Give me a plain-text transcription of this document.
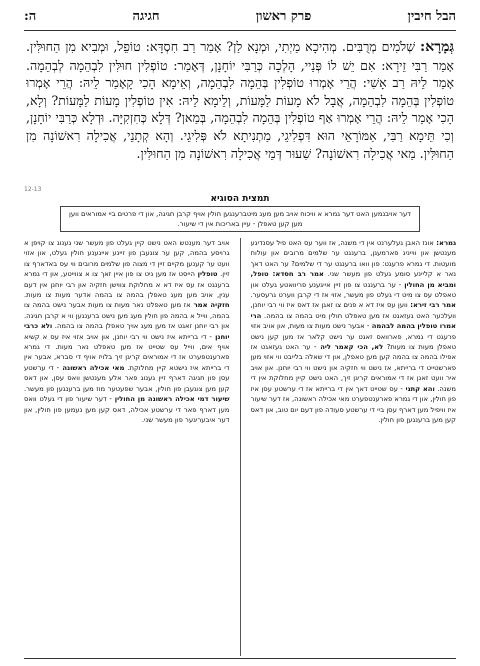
הבל חיבין
פרק ראשון
חגיגה
ה:
גְּמָרָא: שְׁלֹמִים מְרֻבִּים. מְהִיכָא מַיְתִי, וּמְנָא לַן? אָמַר רַב חִסְדָּא: טוֹפֵל, וּמְבִיא מִן הַחוּלִּין. אָמַר רַבִּי זֵירָא: אִם יֵשׁ לוֹ פְּנַיי, הָלְכָה כְּרַבִּי יוֹחָנָן, דְּאָמַר: טוֹפְלִין חוּלִּין לִבְהֵמָה לְבְהֵמָה. אָמַר לֵיהּ רַב אָשִׁי: הֲרֵי אָמְרוּ טוֹפְלִין בְּהֵמָה לִבְהֵמָה, וְאֵימָא הָכִי קָאָמַר לֵיהּ: הֲרֵי אָמְרוּ טוֹפְלִין בְּהֵמָה לִבְהֵמָה, אֲבָל לֹא מָעוֹת לַמָּעוֹת, וְלֵימָא לֵיהּ: אִין טוֹפְלִין מָעוֹת לַמָּעוֹת? וְלָא, הָכִי אָמַר לֵיהּ: הֲרֵי אָמְרוּ אַף טוֹפְלִין בְּהֵמָה לִבְהֵמָה, בְּמַאן? דְּלָא כְּחִזְקִיָּה. וּדְלָא כְּרַבִּי יוֹחָנָן, וְכִי תֵּימָא רַבִּי, אַמּוֹרָאֵי הוּא דִּפְלִיגֵי, מַתְנִיתָא לֹא פְּלִיגֵי. וְהָא קְתָנֵי, אֲכִילָה רִאשׁוֹנָה מִן הַחוּלִּין. מַאי אֲכִילָה רִאשׁוֹנָה? שִׁעוּר דְּמֵי אֲכִילָה רִאשׁוֹנָה מִן הַחוּלִּין.
12-13
תמצית הסוגיא
דער אויבנמען האט דער גמרא א וויכוח אויב מען מעג מיטברענגען חולין אויף קרבן חגיגה, און די פרטים ביי אמוראים ווען מען קען טאפלן - עיין באריכות אין די שיעור.
גמרא: אונז האבן געלערנט אין די משנה, אז ווער עס האט פיל עסנדיגע מענטשן און ווייניג פארמעגן, ברענגט ער שלמים מרובים און עולות מועטות. די גמרא פרעגט: פון וואו ברענגט ער די שלמים? ער האט דאך נאר א קליינע סומע געלט פון מעשר שני. אמר רב חסדא: טופל, ומביא מן החולין - ער ברענגט צו פון זיין אייגענע פריוואטע געלט און טאפלט עס צו מיט די געלט פון מעשר, אזוי אז די קרבן ווערט גרעסער. אמר רבי זירא: ווען עס איז דא א פנים צו זאגן אז דאס איז ווי רבי יוחנן, וועלכער האט געזאגט אז מען טאפלט חולין מיט בהמה צו בהמה. הרי אמרו טופלין בהמה לבהמה - אבער נישט מעות צו מעות, און אויב אזוי פרעגט די גמרא, פארוואס זאגט ער נישט קלאר אז מען קען נישט טאפלן מעות צו מעות? לא, הכי קאמר ליה - ער האט געזאגט אז אפילו בהמה צו בהמה קען מען טאפלן, און די שאלה בלייבט ווי אזוי מען פארשטייט די ברייתא, אז נישט ווי חזקיה און נישט ווי רבי יוחנן. און אויב איר וועט זאגן אז די אמוראים קריגן זיך, האט נישט קיין מחלוקת אין די משנה. והא קתני - עס שטייט דאך אין די ברייתא אז די ערשטע עסן איז פון חולין, און די גמרא פארענטפערט מאי אכילה ראשונה, אז דער שיעור איז וויפיל מען דארף עסן ביי די ערשטע סעודה פון דעם יום טוב, און דאס קען מען ברענגען פון חולין.
אויב דער מענטש האט נישט קיין געלט פון מעשר שני גענוג צו קויפן א גרויסע בהמה, קען ער צוגעבן פון זיינע אייגענע חולין געלט, און אזוי וועט ער קענען מקיים זיין די מצוה פון שלמים מרובים ווי עס באדארף צו זיין. טופלין הייסט אז מען גיט צו פון איין זאך צו א צווייטע, און די גמרא ברענגט אז עס איז דא א מחלוקת צווישן חזקיה און רבי יוחנן אין דעם ענין, אויב מען מעג טאפלן בהמה צו בהמה אדער מעות צו מעות. חזקיה אמר אז מען טאפלט נאר מעות צו מעות אבער נישט בהמה צו בהמה, ווייל א בהמה פון חולין מעג מען נישט ברענגען ווי א קרבן חגיגה. און רבי יוחנן זאגט אז מען מעג אויך טאפלן בהמה צו בהמה. ולא כרבי יוחנן - די ברייתא איז נישט ווי רבי יוחנן, און אויב אזוי איז עס א קשיא אויף אים, ווייל עס שטייט אז מען טאפלט נאר מעות. די גמרא פארענטפערט אז די אמוראים קריגן זיך בלויז אויף די סברא, אבער אין די ברייתא איז נישטא קיין מחלוקת. מאי אכילה ראשונה - די ערשטע עסן פון חגיגה דארף זיין גענוג פאר אלע מענטשן וואס עסן, און דאס קען מען צוגעבן פון חולין, אבער שפעטער מוז מען ברענגען פון מעשר. שיעור דמי אכילה ראשונה מן החולין - דער שיעור פון די געלט וואס מען דארף פאר די ערשטע אכילה, דאס קען מען נעמען פון חולין, און דער איבעריגער פון מעשר שני.
